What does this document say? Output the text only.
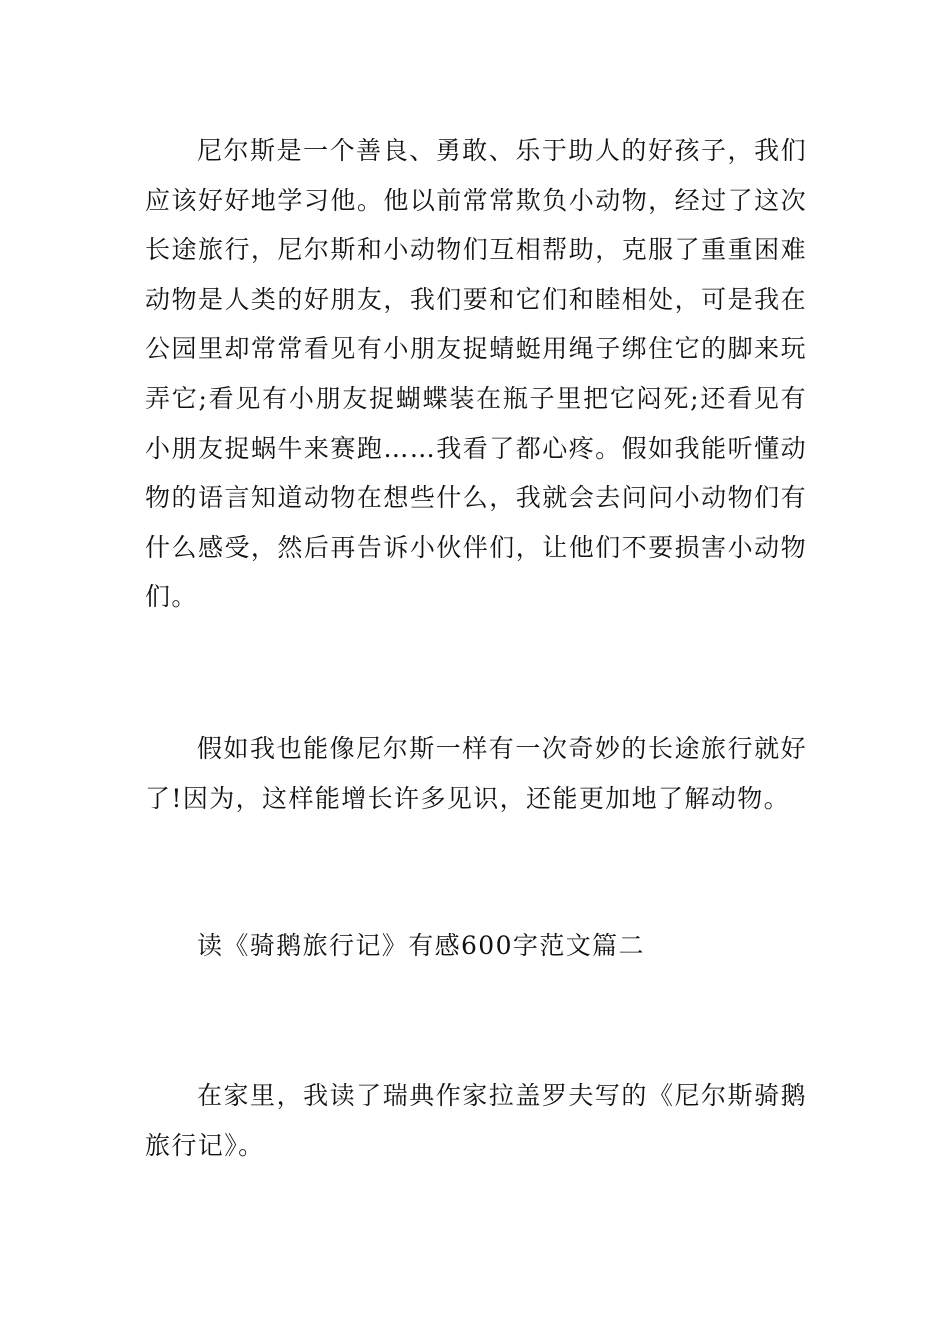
尼尔斯是一个善良、勇敢、乐于助人的好孩子，我们应该好好地学习他。他以前常常欺负小动物，经过了这次长途旅行，尼尔斯和小动物们互相帮助，克服了重重困难动物是人类的好朋友，我们要和它们和睦相处，可是我在公园里却常常看见有小朋友捉蜻蜓用绳子绑住它的脚来玩弄它;看见有小朋友捉蝴蝶装在瓶子里把它闷死;还看见有小朋友捉蜗牛来赛跑……我看了都心疼。假如我能听懂动物的语言知道动物在想些什么，我就会去问问小动物们有什么感受，然后再告诉小伙伴们，让他们不要损害小动物们。

假如我也能像尼尔斯一样有一次奇妙的长途旅行就好了!因为，这样能增长许多见识，还能更加地了解动物。

读《骑鹅旅行记》有感600字范文篇二

在家里，我读了瑞典作家拉盖罗夫写的《尼尔斯骑鹅旅行记》。
